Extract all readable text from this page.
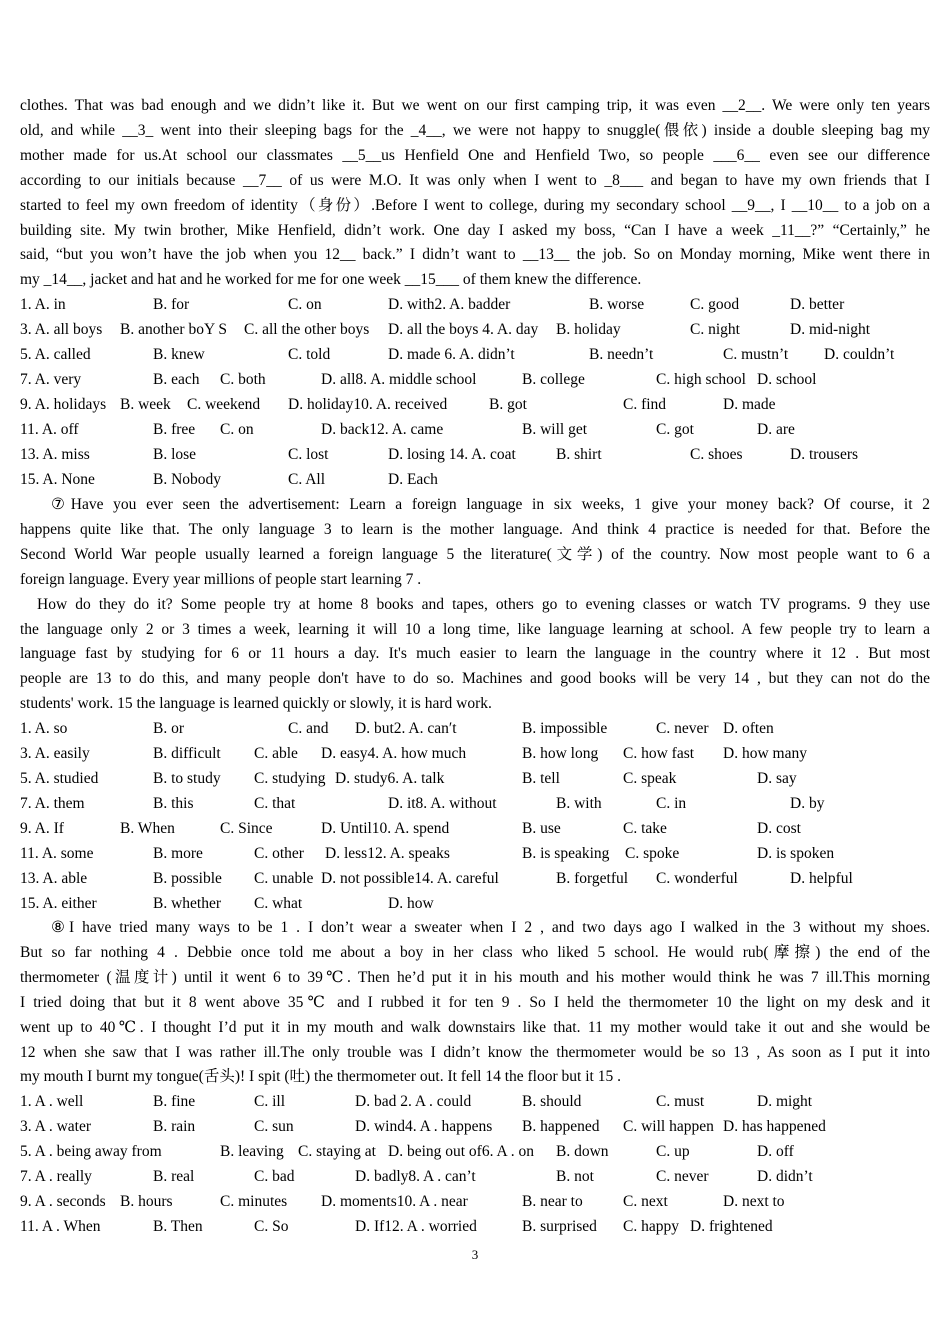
clothes. That was bad enough and we didn’t like it. But we went on our first camping trip, it was even __2__. We were only ten years
old, and while __3_ went into their sleeping bags for the _4__, we were not happy to snuggle(偎依) inside a double sleeping bag my
mother made for us.At school our classmates __5__us Henfield One and Henfield Two, so people ___6__ even see our difference
according to our initials because __7__ of us were M.O. It was only when I went to _8___ and began to have my own friends that I
started to feel my own freedom of identity（身份）.Before I went to college, during my secondary school __9__, I __10__ to a job on a
building site. My twin brother, Mike Henfield, didn’t work. One day I asked my boss, “Can I have a week _11__?” “Certainly,” he
said, “but you won’t have the job when you 12__ back.” I didn’t want to __13__ the job. So on Monday morning, Mike went there in
my _14__, jacket and hat and he worked for me for one week __15___ of them knew the difference.
1. A. in	B. for	C. on	D. with2. A. badder	B. worse	C. good	D. better
3. A. all boys B. another boY S C. all the other boys D. all the boys 4. A. day B. holiday	C. night	D. mid-night
5. A. called	B. knew	C. told	D. made 6. A. didn’t	B. needn’t	C. mustn’t D. couldn’t
7. A. very	B. each C. both	D. all8. A. middle school	B. college	C. high school D. school
9. A. holidays B. week C. weekend D. holiday10. A. received	B. got	C. find	D. made
11. A. off	B. free C. on	D. back12. A. came	B. will get	C. got	D. are
13. A. miss	B. lose	C. lost	D. losing 14. A. coat	B. shirt	C. shoes	D. trousers
15. A. None	B. Nobody	C. All	D. Each
⑦Have you ever seen the advertisement: Learn a foreign language in six weeks, 1 give your money back? Of course, it 2
happens quite like that. The only language 3 to learn is the mother language. And think 4 practice is needed for that. Before the
Second World War people usually learned a foreign language 5 the literature(文学) of the country. Now most people want to 6 a
foreign language. Every year millions of people start learning 7 .
How do they do it? Some people try at home 8 books and tapes, others go to evening classes or watch TV programs. 9 they use
the language only 2 or 3 times a week, learning it will 10 a long time, like language learning at school. A few people try to learn a
language fast by studying for 6 or 11 hours a day. It's much easier to learn the language in the country where it 12 . But most
people are 13 to do this, and many people don't have to do so. Machines and good books will be very 14 , but they can not do the
students' work. 15 the language is learned quickly or slowly, it is hard work.
1. A. so	B. or	C. and D. but2. A. can′t	B. impossible	C. never D. often
3. A. easily	B. difficult C. able D. easy4. A. how much	B. how long C. how fast D. how many
5. A. studied	B. to study C. studying D. study6. A. talk	B. tell	C. speak	D. say
7. A. them	B. this	C. that	D. it8. A. without	B. with	C. in	D. by
9. A. If	B. When	C. Since	D. Until10. A. spend	B. use	C. take	D. cost
11. A. some	B. more	C. other D. less12. A. speaks	B. is speaking C. spoke	D. is spoken
13. A. able	B. possible C. unable D. not possible14. A. careful	B. forgetful C. wonderful	D. helpful
15. A. either	B. whether C. what	D. how
⑧I have tried many ways to be 1 . I don’t wear a sweater when I 2 , and two days ago I walked in the 3 without my shoes.
But so far nothing 4 . Debbie once told me about a boy in her class who liked 5 school. He would rub(摩擦) the end of the
thermometer (温度计) until it went 6 to 39℃. Then he’d put it in his mouth and his mother would think he was 7 ill.This morning
I tried doing that but it 8 went above 35℃ and I rubbed it for ten 9 . So I held the thermometer 10 the light on my desk and it
went up to 40℃. I thought I’d put it in my mouth and walk downstairs like that. 11 my mother would take it out and she would be
12 when she saw that I was rather ill.The only trouble was I didn’t know the thermometer would be so 13 , As soon as I put it into
my mouth I burnt my tongue(舌头)! I spit (吐) the thermometer out. It fell 14 the floor but it 15 .
1. A . well	B. fine	C. ill	D. bad 2. A . could	B. should	C. must	D. might
3. A . water	B. rain	C. sun	D. wind4. A . happens B. happened C. will happen D. has happened
5. A . being away from	B. leaving C. staying at D. being out of6. A . on B. down	C. up	D. off
7. A . really	B. real	C. bad	D. badly8. A . can’t	B. not	C. never	D. didn’t
9. A . seconds B. hours	C. minutes D. moments10. A . near	B. near to	C. next	D. next to
11. A . When	B. Then	C. So	D. If12. A . worried	B. surprised C. happy D. frightened
3
